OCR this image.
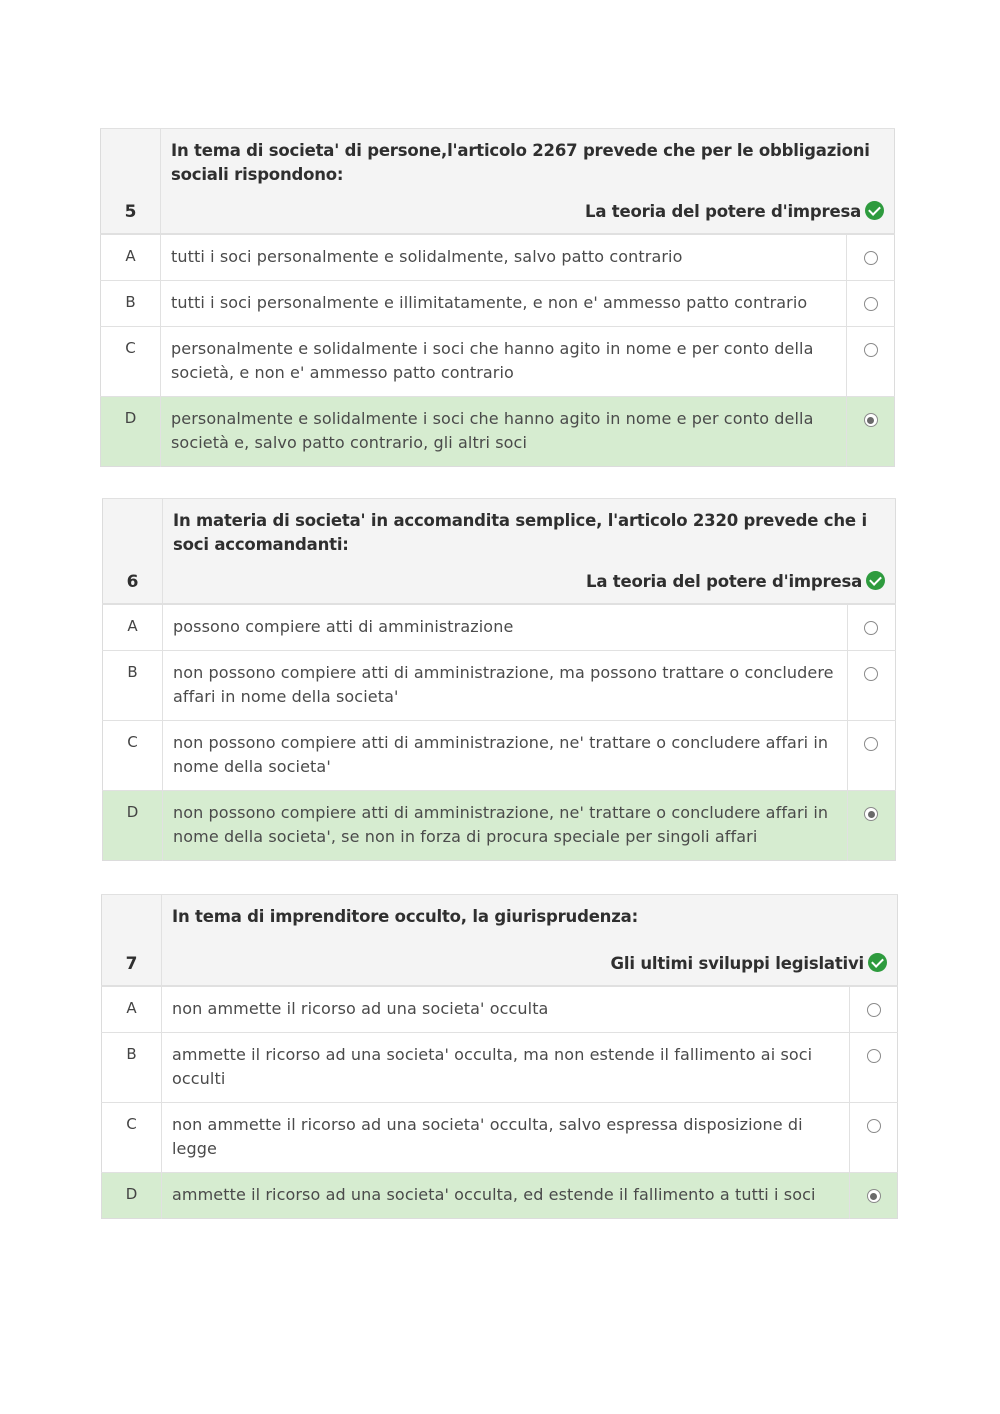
5	In tema di societa' di persone,l'articolo 2267 prevede che per le obbligazioni sociali rispondono:
La teoria del potere d'impresa	

A	tutti i soci personalmente e solidalmente, salvo patto contrario	
B	tutti i soci personalmente e illimitatamente, e non e' ammesso patto contrario	
C	personalmente e solidalmente i soci che hanno agito in nome e per conto della società, e non e' ammesso patto contrario	
D	personalmente e solidalmente i soci che hanno agito in nome e per conto della società e, salvo patto contrario, gli altri soci	
6	In materia di societa' in accomandita semplice, l'articolo 2320 prevede che i soci accomandanti:
La teoria del potere d'impresa	

A	possono compiere atti di amministrazione	
B	non possono compiere atti di amministrazione, ma possono trattare o concludere affari in nome della societa'	
C	non possono compiere atti di amministrazione, ne' trattare o concludere affari in nome della societa'	
D	non possono compiere atti di amministrazione, ne' trattare o concludere affari in nome della societa', se non in forza di procura speciale per singoli affari	
7	In tema di imprenditore occulto, la giurisprudenza:
Gli ultimi sviluppi legislativi	

A	non ammette il ricorso ad una societa' occulta	
B	ammette il ricorso ad una societa' occulta, ma non estende il fallimento ai soci occulti	
C	non ammette il ricorso ad una societa' occulta, salvo espressa disposizione di legge	
D	ammette il ricorso ad una societa' occulta, ed estende il fallimento a tutti i soci	
